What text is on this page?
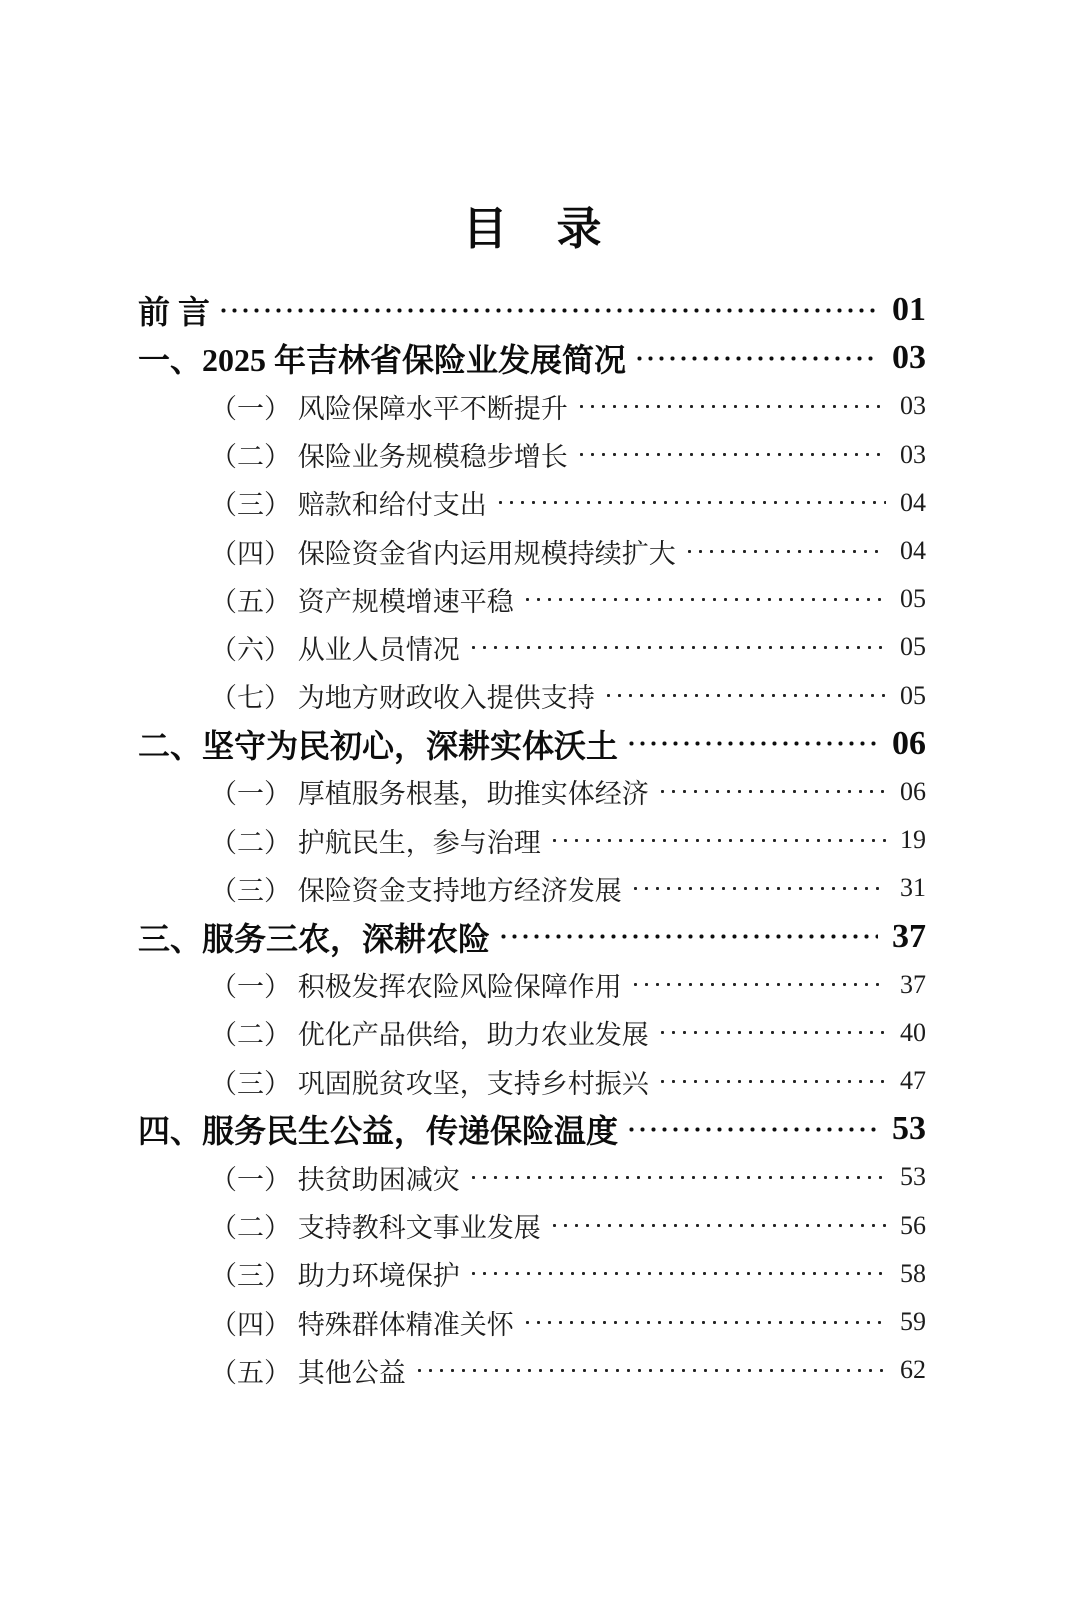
目　录
前 言	01
一、2025 年吉林省保险业发展简况	03
（一） 风险保障水平不断提升	03
（二） 保险业务规模稳步增长	03
（三） 赔款和给付支出	04
（四） 保险资金省内运用规模持续扩大	04
（五） 资产规模增速平稳	05
（六） 从业人员情况	05
（七） 为地方财政收入提供支持	05
二、坚守为民初心，深耕实体沃土	06
（一） 厚植服务根基，助推实体经济	06
（二） 护航民生，参与治理	19
（三） 保险资金支持地方经济发展	31
三、服务三农，深耕农险	37
（一） 积极发挥农险风险保障作用	37
（二） 优化产品供给，助力农业发展	40
（三） 巩固脱贫攻坚，支持乡村振兴	47
四、服务民生公益，传递保险温度	53
（一） 扶贫助困减灾	53
（二） 支持教科文事业发展	56
（三） 助力环境保护	58
（四） 特殊群体精准关怀	59
（五） 其他公益	62
